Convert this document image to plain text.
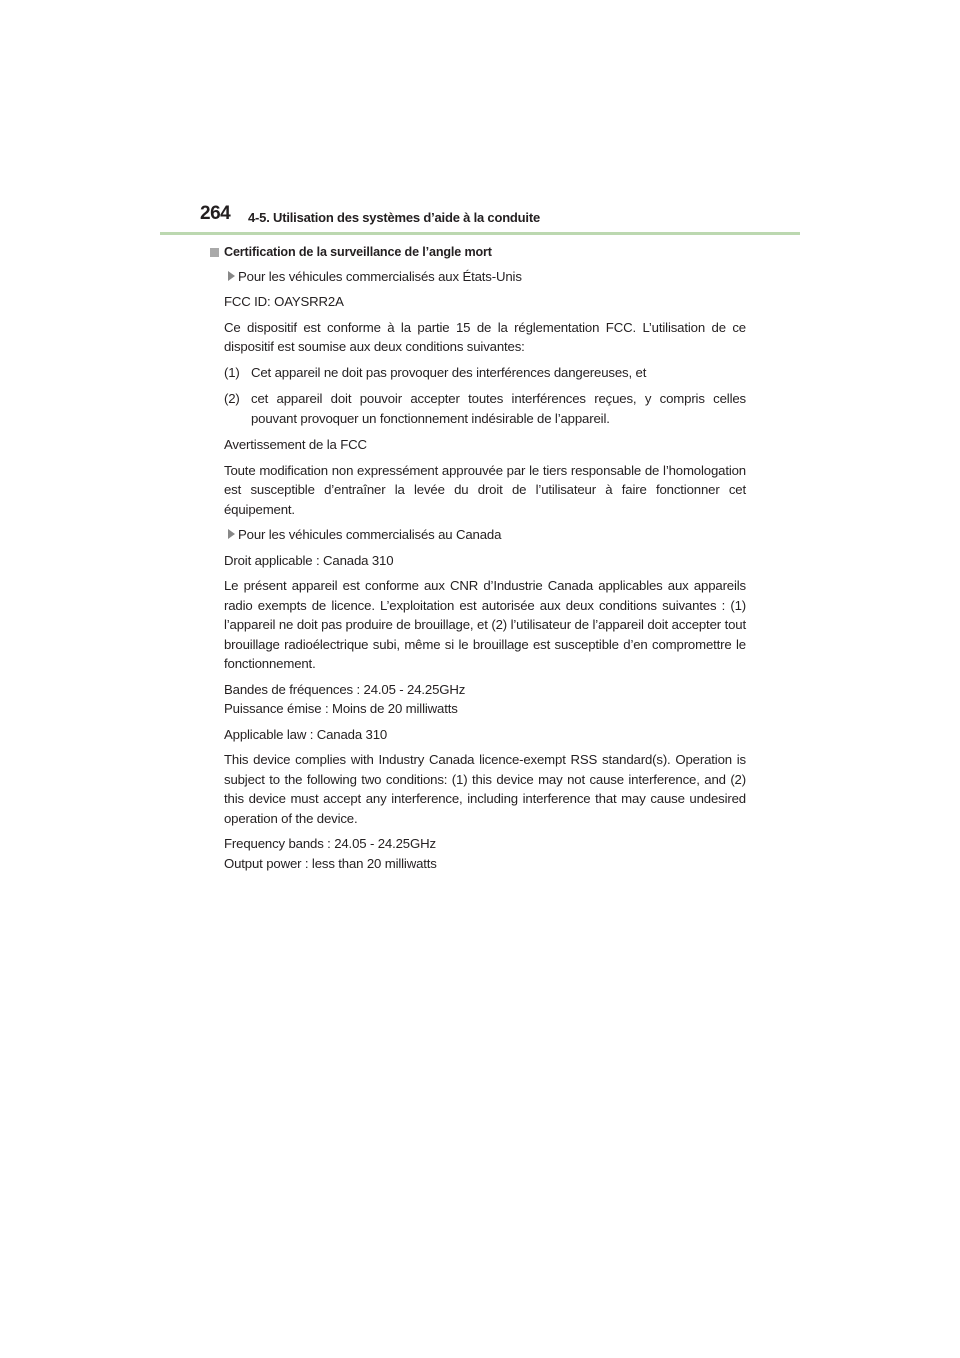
264 4-5. Utilisation des systèmes d’aide à la conduite
Certification de la surveillance de l’angle mort
Pour les véhicules commercialisés aux États-Unis

FCC ID: OAYSRR2A

Ce dispositif est conforme à la partie 15 de la réglementation FCC. L’utilisation de ce dispositif est soumise aux deux conditions suivantes:

(1) Cet appareil ne doit pas provoquer des interférences dangereuses, et
(2) cet appareil doit pouvoir accepter toutes interférences reçues, y compris celles pouvant provoquer un fonctionnement indésirable de l’appareil.

Avertissement de la FCC

Toute modification non expressément approuvée par le tiers responsable de l’homologation est susceptible d’entraîner la levée du droit de l’utilisateur à faire fonctionner cet équipement.

Pour les véhicules commercialisés au Canada

Droit applicable : Canada 310

Le présent appareil est conforme aux CNR d’Industrie Canada applicables aux appareils radio exempts de licence. L’exploitation est autorisée aux deux conditions suivantes : (1) l’appareil ne doit pas produire de brouillage, et (2) l’utilisateur de l’appareil doit accepter tout brouillage radioélectrique subi, même si le brouillage est susceptible d’en compromettre le fonctionnement.

Bandes de fréquences : 24.05 - 24.25GHz

Puissance émise : Moins de 20 milliwatts

Applicable law : Canada 310

This device complies with Industry Canada licence-exempt RSS standard(s). Operation is subject to the following two conditions: (1) this device may not cause interference, and (2) this device must accept any interference, including interference that may cause undesired operation of the device.

Frequency bands : 24.05 - 24.25GHz

Output power : less than 20 milliwatts
